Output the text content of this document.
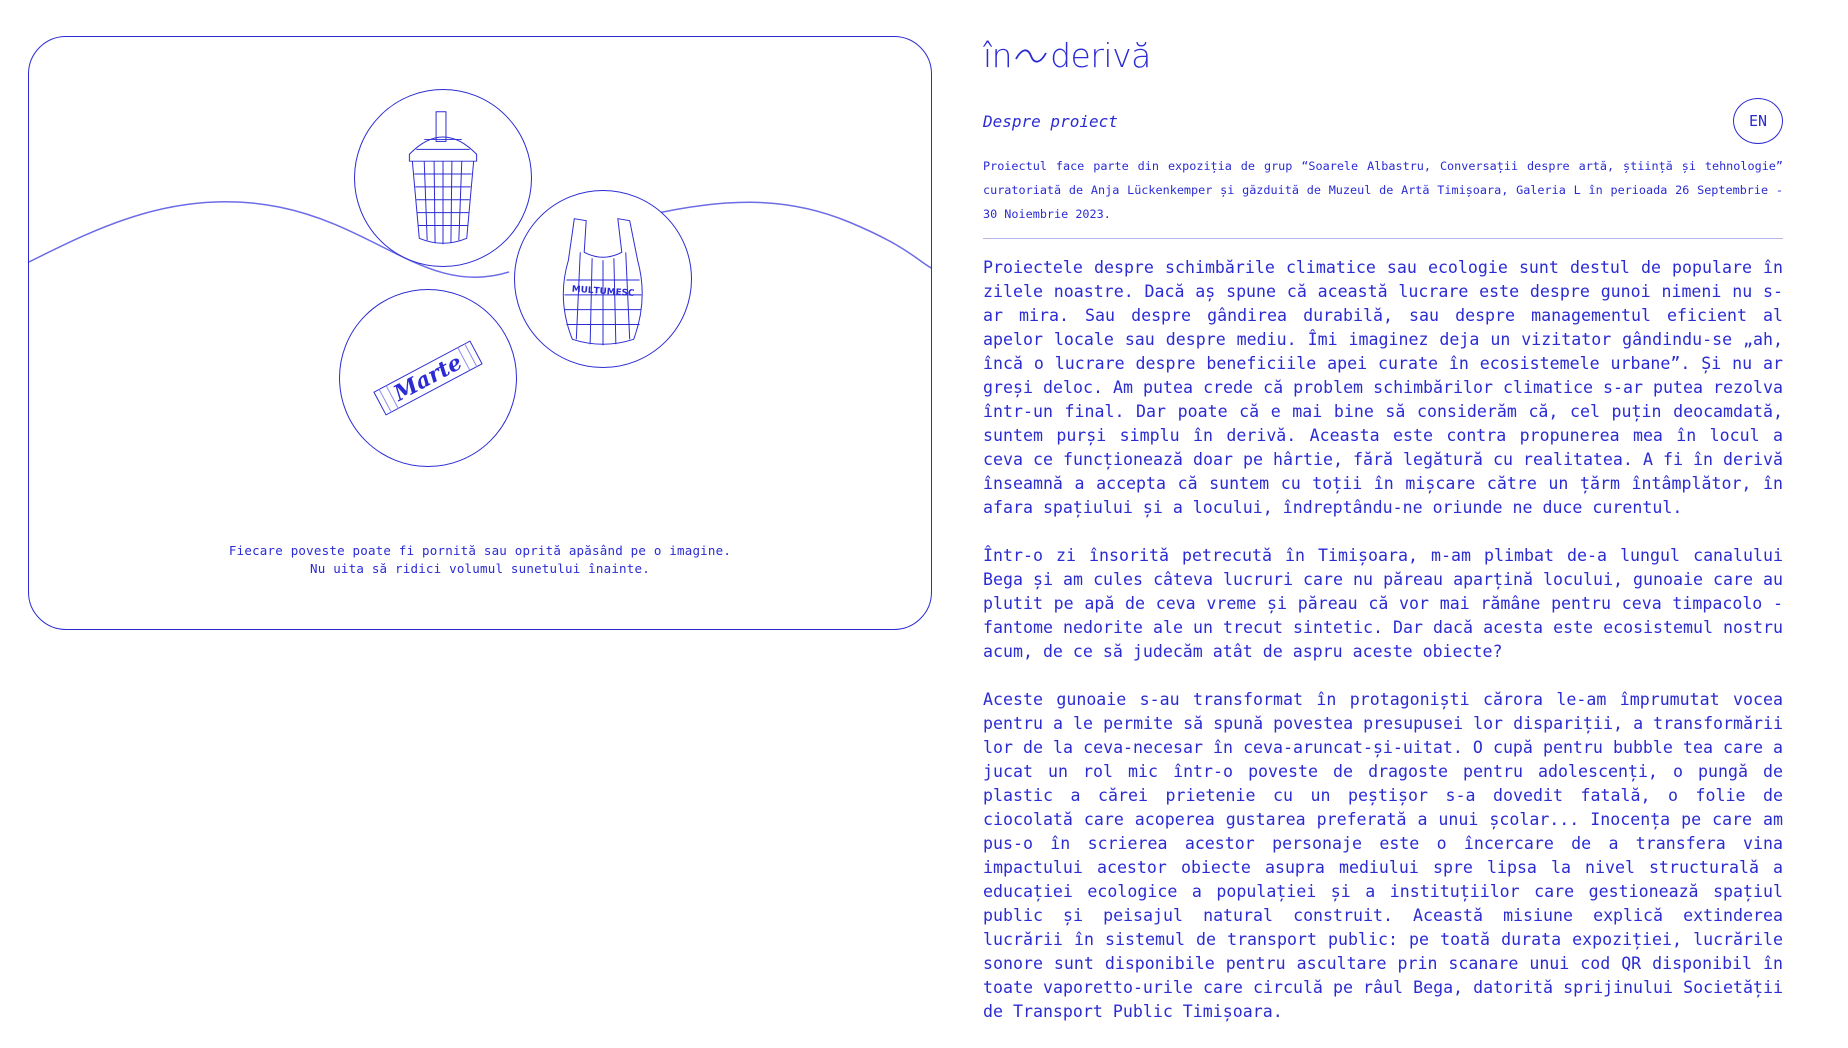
MULȚUMESC
Marte
Fiecare poveste poate fi pornită sau oprită apăsând pe o imagine.
Nu uita să ridici volumul sunetului înainte.
în derivă
Despre proiect	EN
Proiectul face parte din expoziția de grup “Soarele Albastru, Conversații despre artă, știință și tehnologie” curatoriată de Anja Lückenkemper și găzduită de Muzeul de Artă Timișoara, Galeria L în perioada 26 Septembrie - 30 Noiembrie 2023.

Proiectele despre schimbările climatice sau ecologie sunt destul de populare în zilele noastre. Dacă aș spune că această lucrare este despre gunoi nimeni nu s-ar mira. Sau despre gândirea durabilă, sau despre managementul eficient al apelor locale sau despre mediu. Îmi imaginez deja un vizitator gândindu-se „ah, încă o lucrare despre beneficiile apei curate în ecosistemele urbane”. Și nu ar greși deloc. Am putea crede că problem schimbărilor climatice s-ar putea rezolva într-un final. Dar poate că e mai bine să considerăm că, cel puțin deocamdată, suntem purși simplu în derivă. Aceasta este contra propunerea mea în locul a ceva ce funcționează doar pe hârtie, fără legătură cu realitatea. A fi în derivă înseamnă a accepta că suntem cu toții în mișcare către un țărm întâmplător, în afara spațiului și a locului, îndreptându-ne oriunde ne duce curentul.

Într-o zi însorită petrecută în Timișoara, m-am plimbat de-a lungul canalului Bega și am cules câteva lucruri care nu păreau aparțină locului, gunoaie care au plutit pe apă de ceva vreme și păreau că vor mai rămâne pentru ceva timpacolo - fantome nedorite ale un trecut sintetic. Dar dacă acesta este ecosistemul nostru acum, de ce să judecăm atât de aspru aceste obiecte?

Aceste gunoaie s-au transformat în protagoniști cărora le-am împrumutat vocea pentru a le permite să spună povestea presupusei lor dispariții, a transformării lor de la ceva-necesar în ceva-aruncat-și-uitat. O cupă pentru bubble tea care a jucat un rol mic într-o poveste de dragoste pentru adolescenți, o pungă de plastic a cărei prietenie cu un peștișor s-a dovedit fatală, o folie de ciocolată care acoperea gustarea preferată a unui școlar... Inocența pe care am pus-o în scrierea acestor personaje este o încercare de a transfera vina impactului acestor obiecte asupra mediului spre lipsa la nivel structurală a educației ecologice a populației și a instituțiilor care gestionează spațiul public și peisajul natural construit. Această misiune explică extinderea lucrării în sistemul de transport public: pe toată durata expoziției, lucrările sonore sunt disponibile pentru ascultare prin scanare unui cod QR disponibil în toate vaporetto-urile care circulă pe râul Bega, datorită sprijinului Societății de Transport Public Timișoara.
